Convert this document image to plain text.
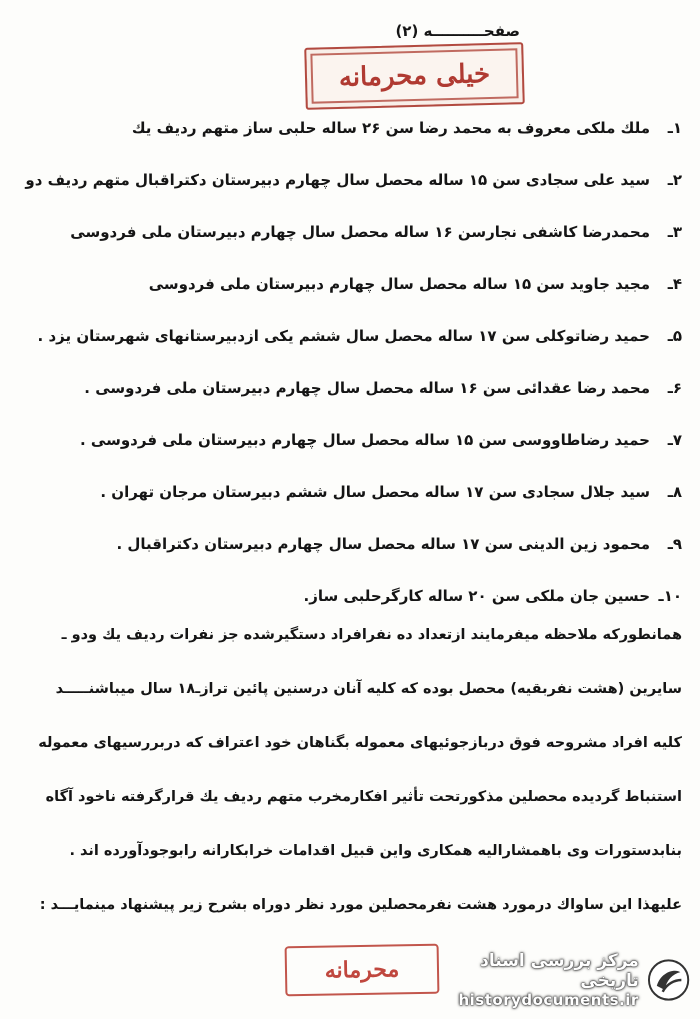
صفحــــــــــه (۲)
خیلی محرمانه
۱ـملك ملكی معروف به محمد رضا سن ۲۶ ساله حلبی ساز متهم ردیف یك
۲ـسید علی سجادی سن ۱۵ ساله محصل سال چهارم دبیرستان دکتراقبال متهم ردیف دو
۳ـمحمدرضا کاشفی نجارسن ۱۶ ساله محصل سال چهارم دبیرستان ملی فردوسی
۴ـمجید جاوید سن ۱۵ ساله محصل سال چهارم دبیرستان ملی فردوسی
۵ـحمید رضاتوکلی سن ۱۷ ساله محصل سال ششم یکی ازدبیرستانهای شهرستان یزد .
۶ـمحمد رضا عقدائی سن ۱۶ ساله محصل سال چهارم دبیرستان ملی فردوسی .
۷ـحمید رضاطاووسی سن ۱۵ ساله محصل سال چهارم دبیرستان ملی فردوسی .
۸ـسید جلال سجادی سن ۱۷ ساله محصل سال ششم دبیرستان مرجان تهران .
۹ـمحمود زین الدینی سن ۱۷ ساله محصل سال چهارم دبیرستان دکتراقبال .
۱۰ـحسین جان ملکی سن ۲۰ ساله کارگرحلبی ساز.
همانطورکه ملاحظه میفرمایند ازتعداد ده نفرافراد دستگیرشده جز نفرات ردیف یك ودو ـ
سایرین (هشت نفربقیه) محصل بوده که کلیه آنان درسنین پائین ترازـ۱۸ سال میباشنـــــد
کلیه افراد مشروحه فوق دربازجوئیهای معموله بگناهان خود اعتراف که دربررسیهای معموله
استنباط گردیده محصلین مذکورتحت تأثیر افکارمخرب متهم ردیف یك قرارگرفته ناخود آگاه
بنابدستورات وی باهمشاراليه همکاری واین قبیل اقدامات خرابکارانه رابوجودآورده اند .
علیهذا این ساواك درمورد هشت نفرمحصلین مورد نظر دوراه بشرح زیر پیشنهاد مینمایـــد :
محرمانه	مرکز بررسی اسناد تاریخی
historydocuments.ir
